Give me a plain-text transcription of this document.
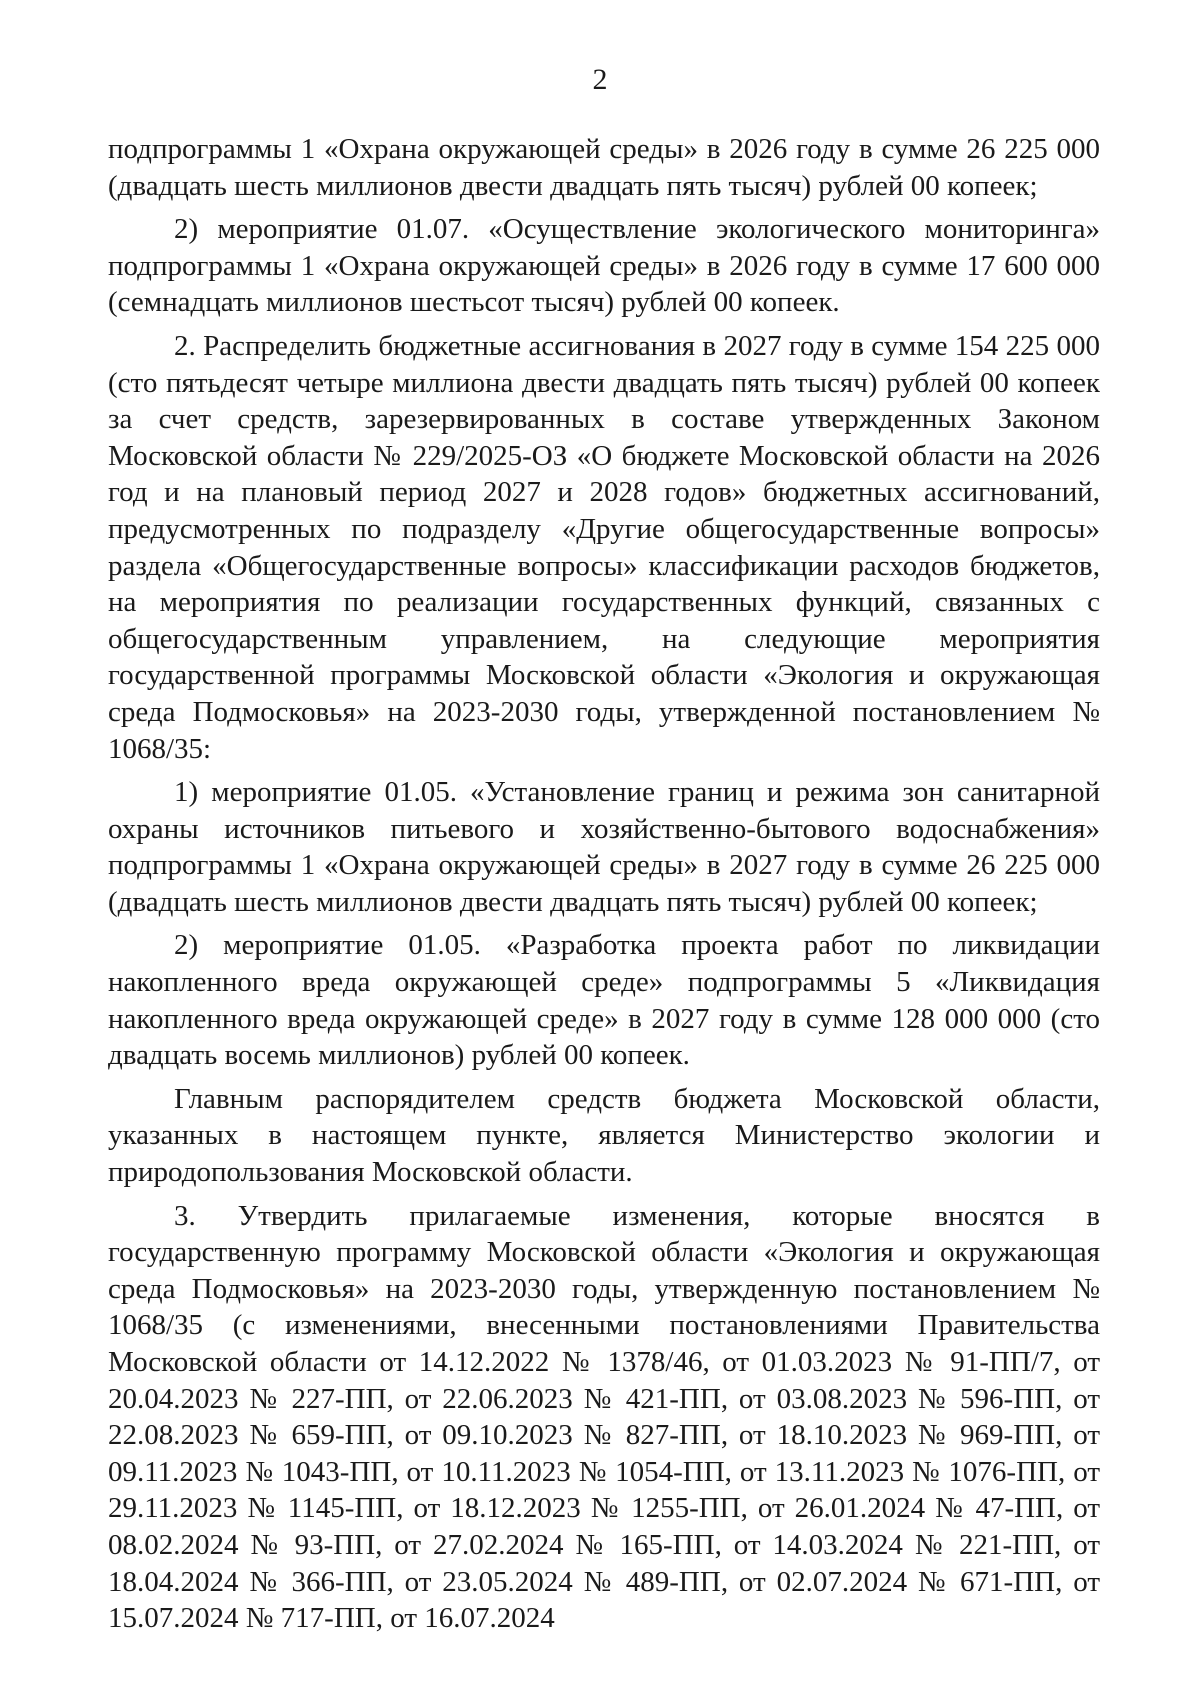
2

подпрограммы 1 «Охрана окружающей среды» в 2026 году в сумме 26 225 000 (двадцать шесть миллионов двести двадцать пять тысяч) рублей 00 копеек;

2) мероприятие 01.07. «Осуществление экологического мониторинга» подпрограммы 1 «Охрана окружающей среды» в 2026 году в сумме 17 600 000 (семнадцать миллионов шестьсот тысяч) рублей 00 копеек.

2. Распределить бюджетные ассигнования в 2027 году в сумме 154 225 000 (сто пятьдесят четыре миллиона двести двадцать пять тысяч) рублей 00 копеек за счет средств, зарезервированных в составе утвержденных Законом Московской области № 229/2025-ОЗ «О бюджете Московской области на 2026 год и на плановый период 2027 и 2028 годов» бюджетных ассигнований, предусмотренных по подразделу «Другие общегосударственные вопросы» раздела «Общегосударственные вопросы» классификации расходов бюджетов, на мероприятия по реализации государственных функций, связанных с общегосударственным управлением, на следующие мероприятия государственной программы Московской области «Экология и окружающая среда Подмосковья» на 2023-2030 годы, утвержденной постановлением № 1068/35:

1) мероприятие 01.05. «Установление границ и режима зон санитарной охраны источников питьевого и хозяйственно-бытового водоснабжения» подпрограммы 1 «Охрана окружающей среды» в 2027 году в сумме 26 225 000 (двадцать шесть миллионов двести двадцать пять тысяч) рублей 00 копеек;

2) мероприятие 01.05. «Разработка проекта работ по ликвидации накопленного вреда окружающей среде» подпрограммы 5 «Ликвидация накопленного вреда окружающей среде» в 2027 году в сумме 128 000 000 (сто двадцать восемь миллионов) рублей 00 копеек.

Главным распорядителем средств бюджета Московской области, указанных в настоящем пункте, является Министерство экологии и природопользования Московской области.

3. Утвердить прилагаемые изменения, которые вносятся в государственную программу Московской области «Экология и окружающая среда Подмосковья» на 2023-2030 годы, утвержденную постановлением № 1068/35 (с изменениями, внесенными постановлениями Правительства Московской области от 14.12.2022 № 1378/46, от 01.03.2023 № 91-ПП/7, от 20.04.2023 № 227-ПП, от 22.06.2023 № 421-ПП, от 03.08.2023 № 596-ПП, от 22.08.2023 № 659-ПП, от 09.10.2023 № 827-ПП, от 18.10.2023 № 969-ПП, от 09.11.2023 № 1043-ПП, от 10.11.2023 № 1054-ПП, от 13.11.2023 № 1076-ПП, от 29.11.2023 № 1145-ПП, от 18.12.2023 № 1255-ПП, от 26.01.2024 № 47-ПП, от 08.02.2024 № 93-ПП, от 27.02.2024 № 165-ПП, от 14.03.2024 № 221-ПП, от 18.04.2024 № 366-ПП, от 23.05.2024 № 489-ПП, от 02.07.2024 № 671-ПП, от 15.07.2024 № 717-ПП, от 16.07.2024
